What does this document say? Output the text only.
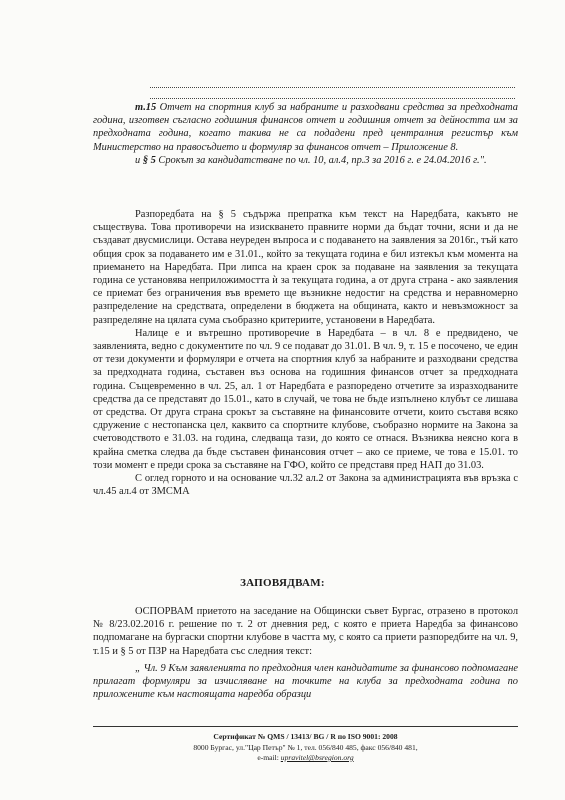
т.15 Отчет на спортния клуб за набраните и разходвани средства за предходната година, изготвен съгласно годишния финансов отчет и годишния отчет за дейността им за предходната година, когато такива не са подадени пред централния регистър към Министерство на правосъдието и формуляр за финансов отчет – Приложение 8.

и § 5 Срокът за кандидатстване по чл. 10, ал.4, пр.3 за 2016 г. е 24.04.2016 г.".

Разпоредбата на § 5 съдържа препратка към текст на Наредбата, какъвто не съществува. Това противоречи на изискването правните норми да бъдат точни, ясни и да не създават двусмислици. Остава неуреден въпроса и с подаването на заявления за 2016г., тъй като общия срок за подаването им е 31.01., който за текущата година е бил изтекъл към момента на приемането на Наредбата. При липса на краен срок за подаване на заявления за текущата година се установява неприложимостта ѝ за текущата година, а от друга страна - ако заявления се приемат без ограничения във времето ще възникне недостиг на средства и неравномерно разпределение на средствата, определени в бюджета на общината, както и невъзможност за разпределяне на цялата сума съобразно критериите, установени в Наредбата.

Налице е и вътрешно противоречие в Наредбата – в чл. 8 е предвидено, че заявленията, ведно с документите по чл. 9 се подават до 31.01. В чл. 9, т. 15 е посочено, че един от тези документи и формуляри е отчета на спортния клуб за набраните и разходвани средства за предходната година, съставен въз основа на годишния финансов отчет за предходната година. Същевременно в чл. 25, ал. 1 от Наредбата е разпоредено отчетите за изразходваните средства да се представят до 15.01., като в случай, че това не бъде изпълнено клубът се лишава от средства. От друга страна срокът за съставяне на финансовите отчети, които съставя всяко сдружение с нестопанска цел, каквито са спортните клубове, съобразно нормите на Закона за счетоводството е 31.03. на година, следваща тази, до която се отнася. Възниква неясно кога в крайна сметка следва да бъде съставен финансовия отчет – ако се приеме, че това е 15.01. то този момент е преди срока за съставяне на ГФО, който се представя пред НАП до 31.03.

С оглед горното и на основание чл.32 ал.2 от Закона за администрацията във връзка с чл.45 ал.4 от ЗМСМА

ЗАПОВЯДВАМ:

ОСПОРВАМ приетото на заседание на Общински съвет Бургас, отразено в протокол № 8/23.02.2016 г. решение по т. 2 от дневния ред, с която е приета Наредба за финансово подпомагане на бургаски спортни клубове в частта му, с която са приети разпоредбите на чл. 9, т.15 и § 5 от ПЗР на Наредбата със следния текст:

„ Чл. 9 Към заявленията по предходния член кандидатите за финансово подпомагане прилагат формуляри за изчисляване на точките на клуба за предходната година по приложените към настоящата наредба образци

Сертификат № QMS / 13413/ BG / R по ISO 9001: 2008
8000 Бургас, ул."Цар Петър" № 1, тел. 056/840 485, факс 056/840 481,
e-mail: upravitel@bsregion.org
